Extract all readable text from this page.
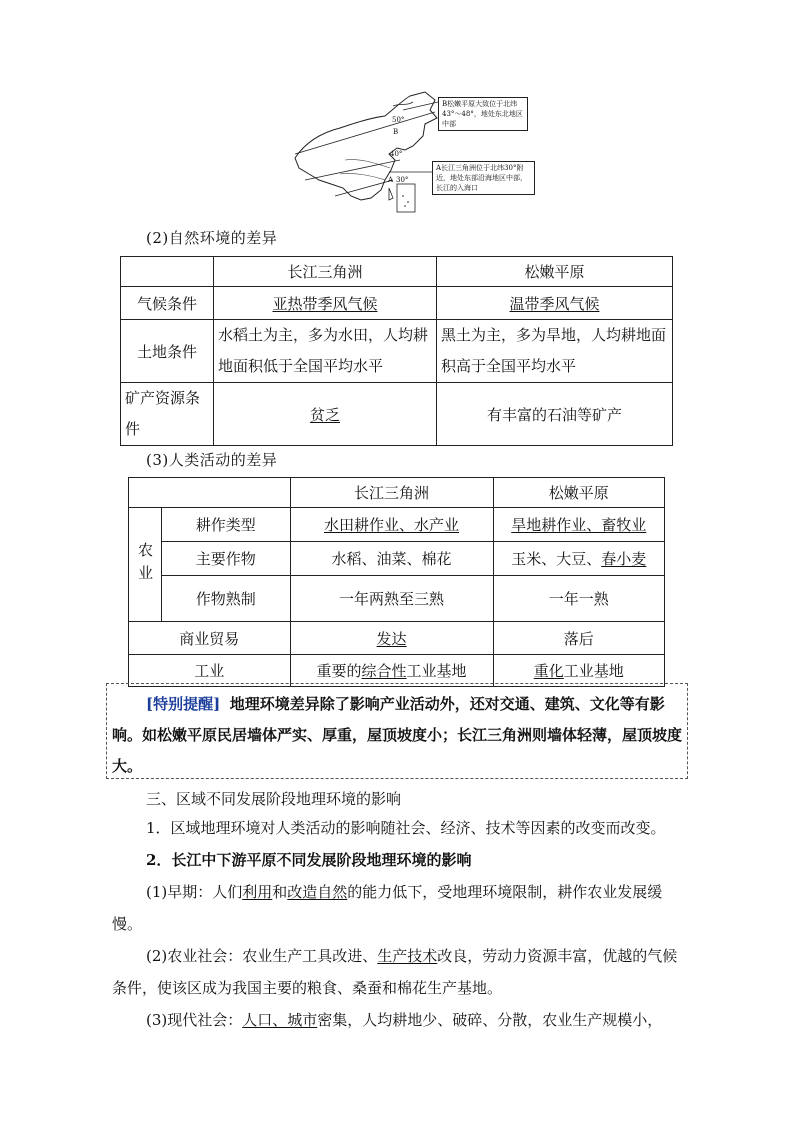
50°
B
40°
A 30°
B松嫩平原大致位于北纬43°～48°，地处东北地区中部
A长江三角洲位于北纬30°附近，地处东部沿海地区中部，长江的入海口
(2)自然环境的差异
	长江三角洲	松嫩平原
气候条件	亚热带季风气候	温带季风气候
土地条件	水稻土为主，多为水田，人均耕地面积低于全国平均水平	黑土为主，多为旱地，人均耕地面积高于全国平均水平
矿产资源条件	贫乏	有丰富的石油等矿产
(3)人类活动的差异
		长江三角洲	松嫩平原
农业	耕作类型	水田耕作业、水产业	旱地耕作业、畜牧业
	主要作物	水稻、油菜、棉花	玉米、大豆、春小麦
	作物熟制	一年两熟至三熟	一年一熟
商业贸易		发达	落后
工业		重要的综合性工业基地	重化工业基地
[特别提醒] 地理环境差异除了影响产业活动外，还对交通、建筑、文化等有影响。如松嫩平原民居墙体严实、厚重，屋顶坡度小；长江三角洲则墙体轻薄，屋顶坡度大。
三、区域不同发展阶段地理环境的影响
1．区域地理环境对人类活动的影响随社会、经济、技术等因素的改变而改变。
2．长江中下游平原不同发展阶段地理环境的影响
(1)早期：人们利用和改造自然的能力低下，受地理环境限制，耕作农业发展缓慢。
(2)农业社会：农业生产工具改进、生产技术改良，劳动力资源丰富，优越的气候条件，使该区成为我国主要的粮食、桑蚕和棉花生产基地。
(3)现代社会：人口、城市密集，人均耕地少、破碎、分散，农业生产规模小，
